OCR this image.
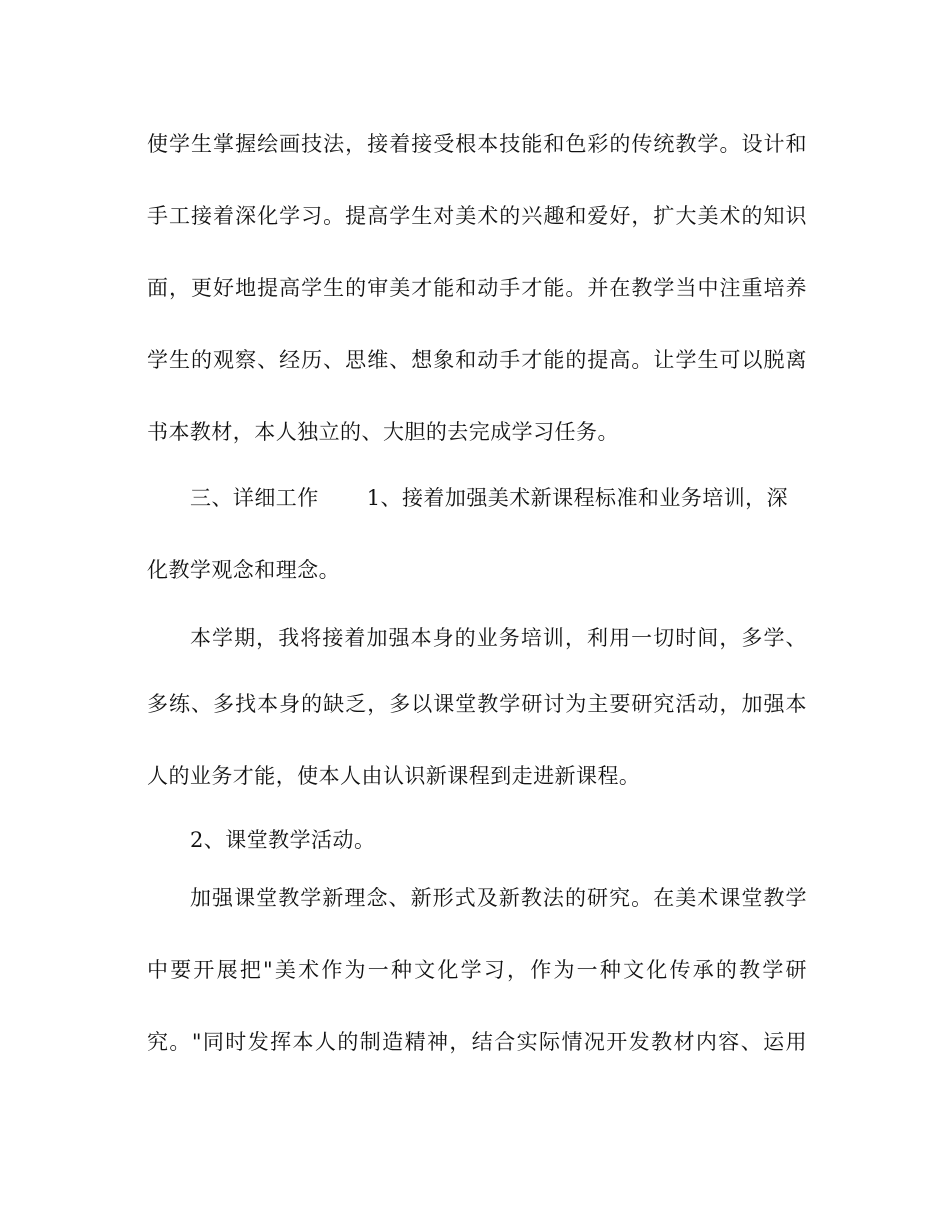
使学生掌握绘画技法，接着接受根本技能和色彩的传统教学。设计和
手工接着深化学习。提高学生对美术的兴趣和爱好，扩大美术的知识
面，更好地提高学生的审美才能和动手才能。并在教学当中注重培养
学生的观察、经历、思维、想象和动手才能的提高。让学生可以脱离
书本教材，本人独立的、大胆的去完成学习任务。
三、详细工作 1、接着加强美术新课程标准和业务培训，深
化教学观念和理念。
本学期，我将接着加强本身的业务培训，利用一切时间，多学、
多练、多找本身的缺乏，多以课堂教学研讨为主要研究活动，加强本
人的业务才能，使本人由认识新课程到走进新课程。
2、课堂教学活动。
加强课堂教学新理念、新形式及新教法的研究。在美术课堂教学
中要开展把"美术作为一种文化学习，作为一种文化传承的教学研
究。"同时发挥本人的制造精神，结合实际情况开发教材内容、运用
